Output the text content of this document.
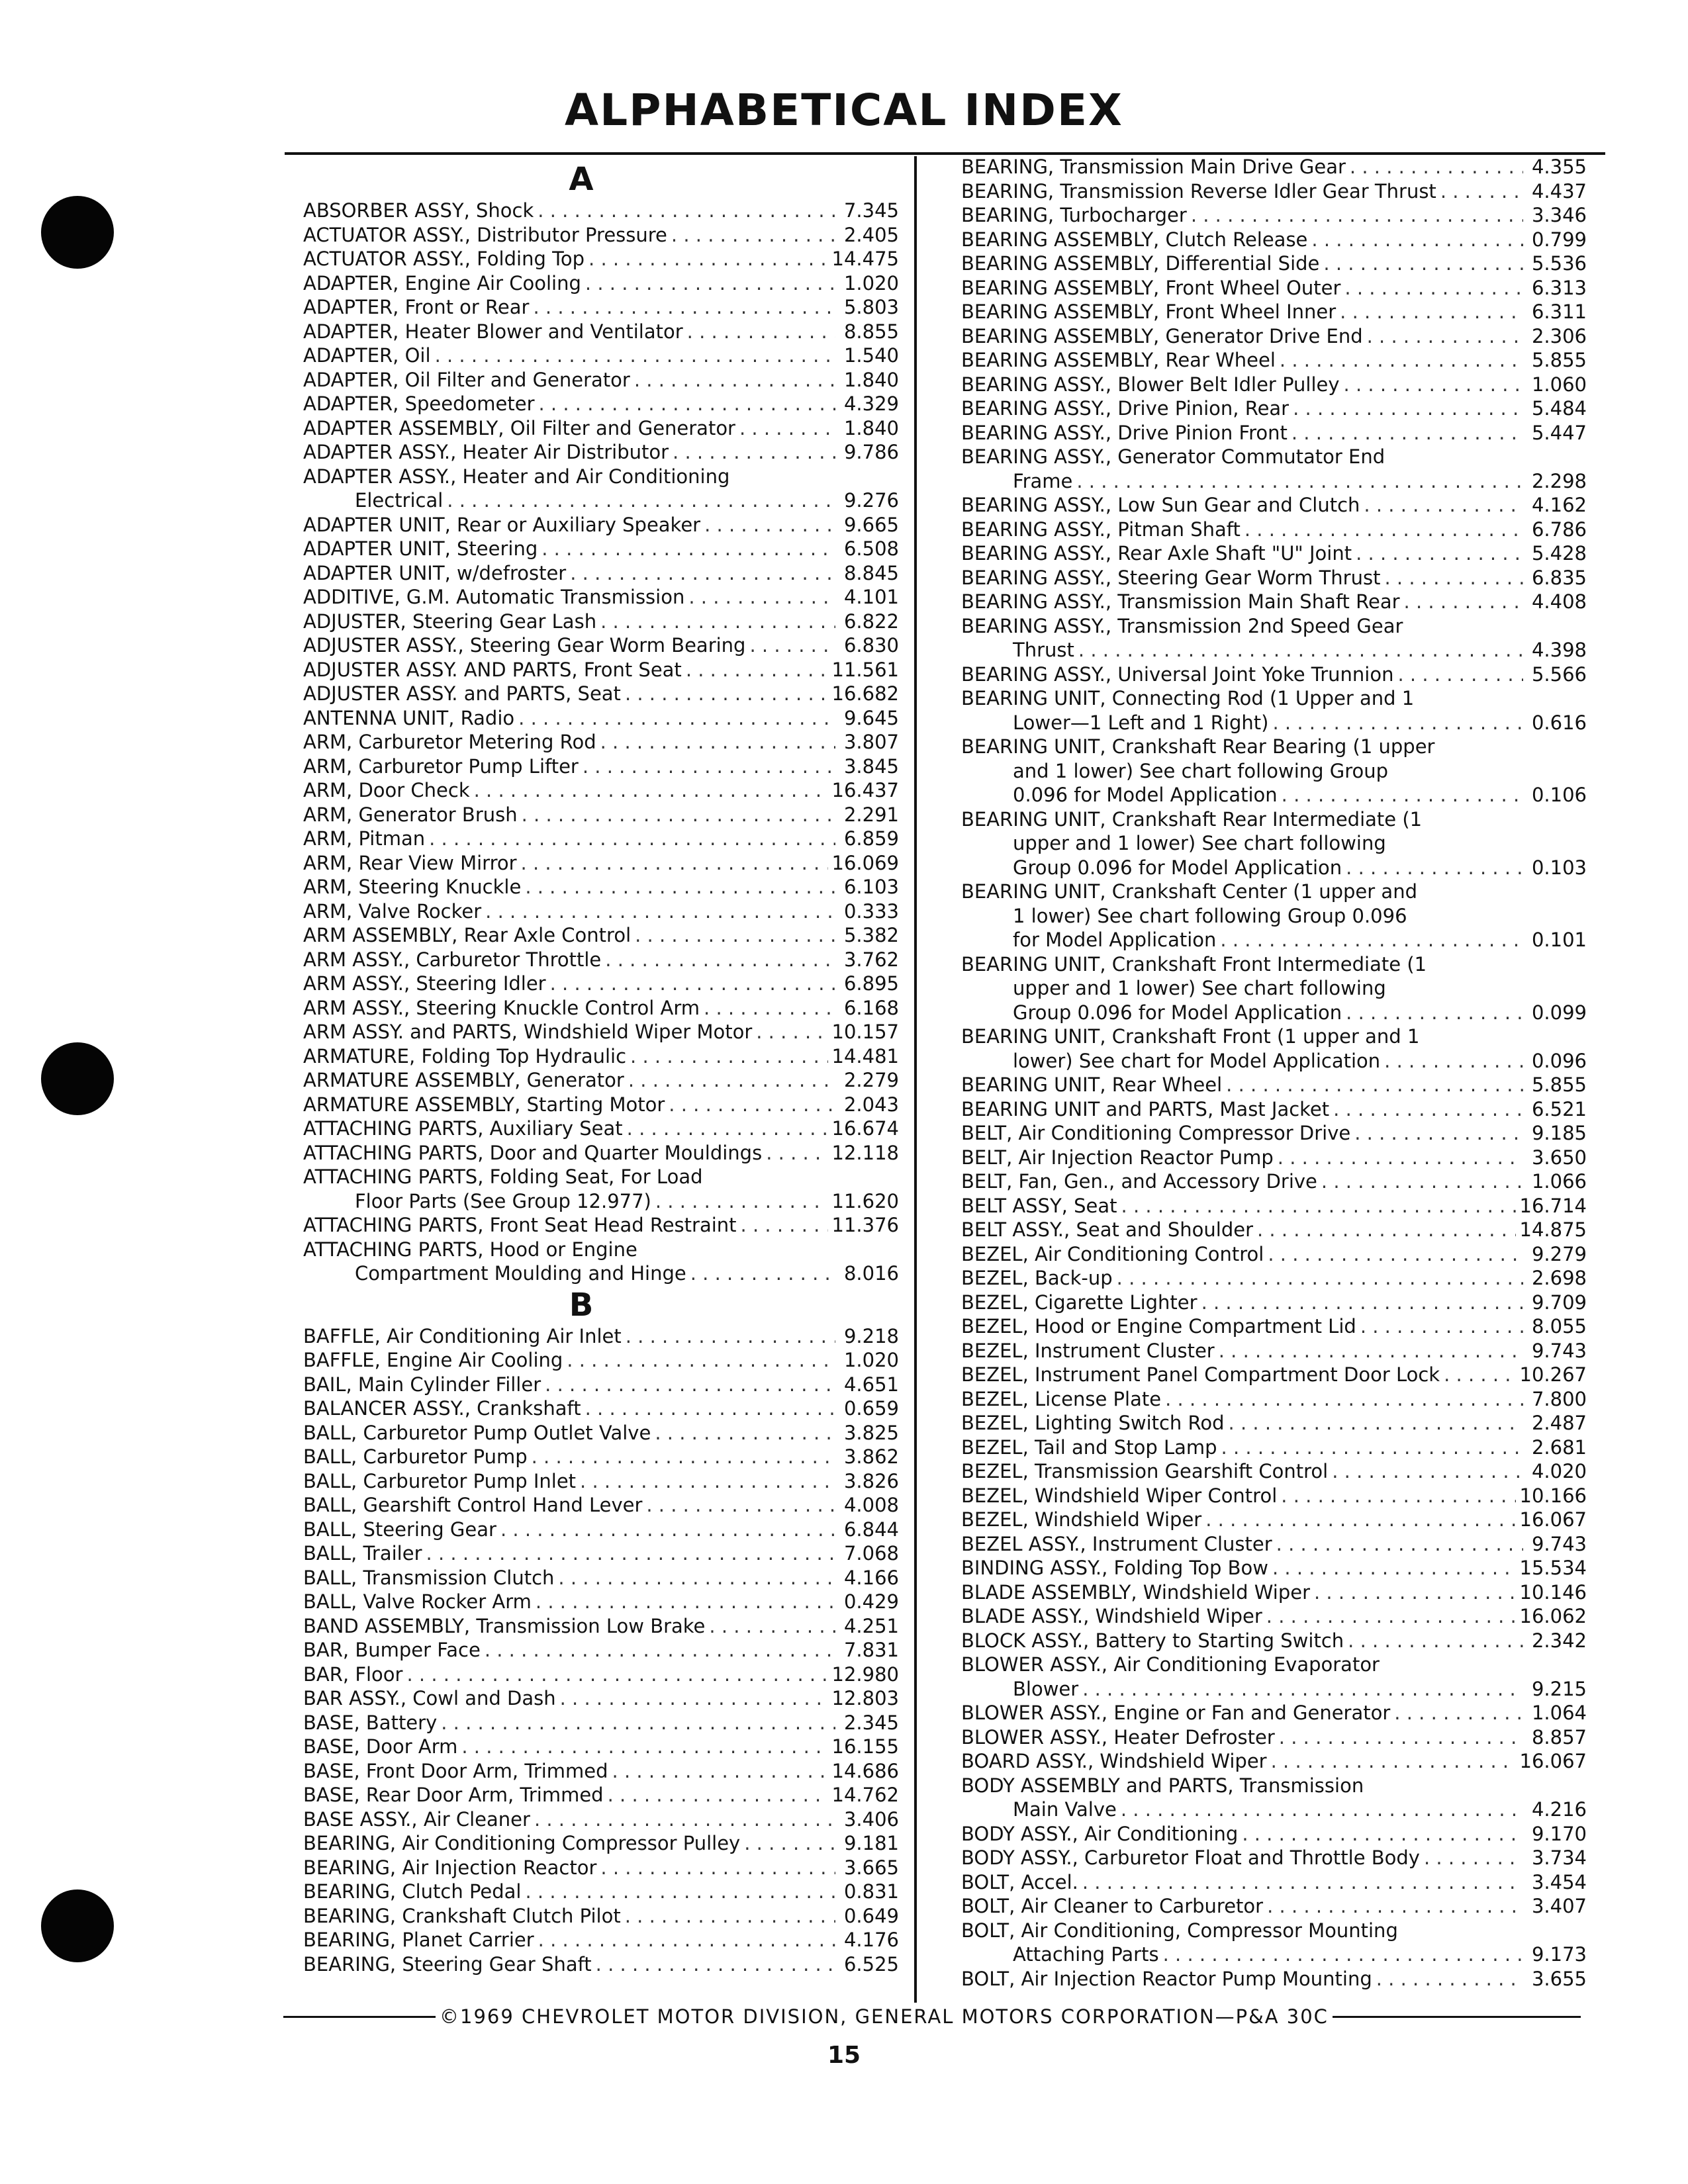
ALPHABETICAL INDEX
A
ABSORBER ASSY, Shock . . .	7.345
ACTUATOR ASSY., Distributor Pressure . . .	2.405
ACTUATOR ASSY., Folding Top . . .	14.475
ADAPTER, Engine Air Cooling . . .	1.020
ADAPTER, Front or Rear . . .	5.803
ADAPTER, Heater Blower and Ventilator . . .	8.855
ADAPTER, Oil . . .	1.540
ADAPTER, Oil Filter and Generator . . .	1.840
ADAPTER, Speedometer . . .	4.329
ADAPTER ASSEMBLY, Oil Filter and Generator . . .	1.840
ADAPTER ASSY., Heater Air Distributor . . .	9.786
ADAPTER ASSY., Heater and Air Conditioning
Electrical . . .	9.276
ADAPTER UNIT, Rear or Auxiliary Speaker . . .	9.665
ADAPTER UNIT, Steering . . .	6.508
ADAPTER UNIT, w/defroster . . .	8.845
ADDITIVE, G.M. Automatic Transmission . . .	4.101
ADJUSTER, Steering Gear Lash . . .	6.822
ADJUSTER ASSY., Steering Gear Worm Bearing . . .	6.830
ADJUSTER ASSY. AND PARTS, Front Seat . . .	11.561
ADJUSTER ASSY. and PARTS, Seat . . .	16.682
ANTENNA UNIT, Radio . . .	9.645
ARM, Carburetor Metering Rod . . .	3.807
ARM, Carburetor Pump Lifter . . .	3.845
ARM, Door Check . . .	16.437
ARM, Generator Brush . . .	2.291
ARM, Pitman . . .	6.859
ARM, Rear View Mirror . . .	16.069
ARM, Steering Knuckle . . .	6.103
ARM, Valve Rocker . . .	0.333
ARM ASSEMBLY, Rear Axle Control . . .	5.382
ARM ASSY., Carburetor Throttle . . .	3.762
ARM ASSY., Steering Idler . . .	6.895
ARM ASSY., Steering Knuckle Control Arm . . .	6.168
ARM ASSY. and PARTS, Windshield Wiper Motor . . .	10.157
ARMATURE, Folding Top Hydraulic . . .	14.481
ARMATURE ASSEMBLY, Generator . . .	2.279
ARMATURE ASSEMBLY, Starting Motor . . .	2.043
ATTACHING PARTS, Auxiliary Seat . . .	16.674
ATTACHING PARTS, Door and Quarter Mouldings . . .	12.118
ATTACHING PARTS, Folding Seat, For Load
Floor Parts (See Group 12.977) . . .	11.620
ATTACHING PARTS, Front Seat Head Restraint . . .	11.376
ATTACHING PARTS, Hood or Engine
Compartment Moulding and Hinge . . .	8.016
B
BAFFLE, Air Conditioning Air Inlet . . .	9.218
BAFFLE, Engine Air Cooling . . .	1.020
BAIL, Main Cylinder Filler . . .	4.651
BALANCER ASSY., Crankshaft . . .	0.659
BALL, Carburetor Pump Outlet Valve . . .	3.825
BALL, Carburetor Pump . . .	3.862
BALL, Carburetor Pump Inlet . . .	3.826
BALL, Gearshift Control Hand Lever . . .	4.008
BALL, Steering Gear . . .	6.844
BALL, Trailer . . .	7.068
BALL, Transmission Clutch . . .	4.166
BALL, Valve Rocker Arm . . .	0.429
BAND ASSEMBLY, Transmission Low Brake . . .	4.251
BAR, Bumper Face . . .	7.831
BAR, Floor . . .	12.980
BAR ASSY., Cowl and Dash . . .	12.803
BASE, Battery . . .	2.345
BASE, Door Arm . . .	16.155
BASE, Front Door Arm, Trimmed . . .	14.686
BASE, Rear Door Arm, Trimmed . . .	14.762
BASE ASSY., Air Cleaner . . .	3.406
BEARING, Air Conditioning Compressor Pulley . . .	9.181
BEARING, Air Injection Reactor . . .	3.665
BEARING, Clutch Pedal . . .	0.831
BEARING, Crankshaft Clutch Pilot . . .	0.649
BEARING, Planet Carrier . . .	4.176
BEARING, Steering Gear Shaft . . .	6.525
BEARING, Transmission Main Drive Gear . . .	4.355
BEARING, Transmission Reverse Idler Gear Thrust . . .	4.437
BEARING, Turbocharger . . .	3.346
BEARING ASSEMBLY, Clutch Release . . .	0.799
BEARING ASSEMBLY, Differential Side . . .	5.536
BEARING ASSEMBLY, Front Wheel Outer . . .	6.313
BEARING ASSEMBLY, Front Wheel Inner . . .	6.311
BEARING ASSEMBLY, Generator Drive End . . .	2.306
BEARING ASSEMBLY, Rear Wheel . . .	5.855
BEARING ASSY., Blower Belt Idler Pulley . . .	1.060
BEARING ASSY., Drive Pinion, Rear . . .	5.484
BEARING ASSY., Drive Pinion Front . . .	5.447
BEARING ASSY., Generator Commutator End
Frame . . .	2.298
BEARING ASSY., Low Sun Gear and Clutch . . .	4.162
BEARING ASSY., Pitman Shaft . . .	6.786
BEARING ASSY., Rear Axle Shaft "U" Joint . . .	5.428
BEARING ASSY., Steering Gear Worm Thrust . . .	6.835
BEARING ASSY., Transmission Main Shaft Rear . . .	4.408
BEARING ASSY., Transmission 2nd Speed Gear
Thrust . . .	4.398
BEARING ASSY., Universal Joint Yoke Trunnion . . .	5.566
BEARING UNIT, Connecting Rod (1 Upper and 1
Lower—1 Left and 1 Right) . . .	0.616
BEARING UNIT, Crankshaft Rear Bearing (1 upper
and 1 lower) See chart following Group
0.096 for Model Application . . .	0.106
BEARING UNIT, Crankshaft Rear Intermediate (1
upper and 1 lower) See chart following
Group 0.096 for Model Application . . .	0.103
BEARING UNIT, Crankshaft Center (1 upper and
1 lower) See chart following Group 0.096
for Model Application . . .	0.101
BEARING UNIT, Crankshaft Front Intermediate (1
upper and 1 lower) See chart following
Group 0.096 for Model Application . . .	0.099
BEARING UNIT, Crankshaft Front (1 upper and 1
lower) See chart for Model Application . . .	0.096
BEARING UNIT, Rear Wheel . . .	5.855
BEARING UNIT and PARTS, Mast Jacket . . .	6.521
BELT, Air Conditioning Compressor Drive . . .	9.185
BELT, Air Injection Reactor Pump . . .	3.650
BELT, Fan, Gen., and Accessory Drive . . .	1.066
BELT ASSY, Seat . . .	16.714
BELT ASSY., Seat and Shoulder . . .	14.875
BEZEL, Air Conditioning Control . . .	9.279
BEZEL, Back-up . . .	2.698
BEZEL, Cigarette Lighter . . .	9.709
BEZEL, Hood or Engine Compartment Lid . . .	8.055
BEZEL, Instrument Cluster . . .	9.743
BEZEL, Instrument Panel Compartment Door Lock . . .	10.267
BEZEL, License Plate . . .	7.800
BEZEL, Lighting Switch Rod . . .	2.487
BEZEL, Tail and Stop Lamp . . .	2.681
BEZEL, Transmission Gearshift Control . . .	4.020
BEZEL, Windshield Wiper Control . . .	10.166
BEZEL, Windshield Wiper . . .	16.067
BEZEL ASSY., Instrument Cluster . . .	9.743
BINDING ASSY., Folding Top Bow . . .	15.534
BLADE ASSEMBLY, Windshield Wiper . . .	10.146
BLADE ASSY., Windshield Wiper . . .	16.062
BLOCK ASSY., Battery to Starting Switch . . .	2.342
BLOWER ASSY., Air Conditioning Evaporator
Blower . . .	9.215
BLOWER ASSY., Engine or Fan and Generator . . .	1.064
BLOWER ASSY., Heater Defroster . . .	8.857
BOARD ASSY., Windshield Wiper . . .	16.067
BODY ASSEMBLY and PARTS, Transmission
Main Valve . . .	4.216
BODY ASSY., Air Conditioning . . .	9.170
BODY ASSY., Carburetor Float and Throttle Body . . .	3.734
BOLT, Accel. . . .	3.454
BOLT, Air Cleaner to Carburetor . . .	3.407
BOLT, Air Conditioning, Compressor Mounting
Attaching Parts . . .	9.173
BOLT, Air Injection Reactor Pump Mounting . . .	3.655
©1969 CHEVROLET MOTOR DIVISION, GENERAL MOTORS CORPORATION—P&A 30C
15
